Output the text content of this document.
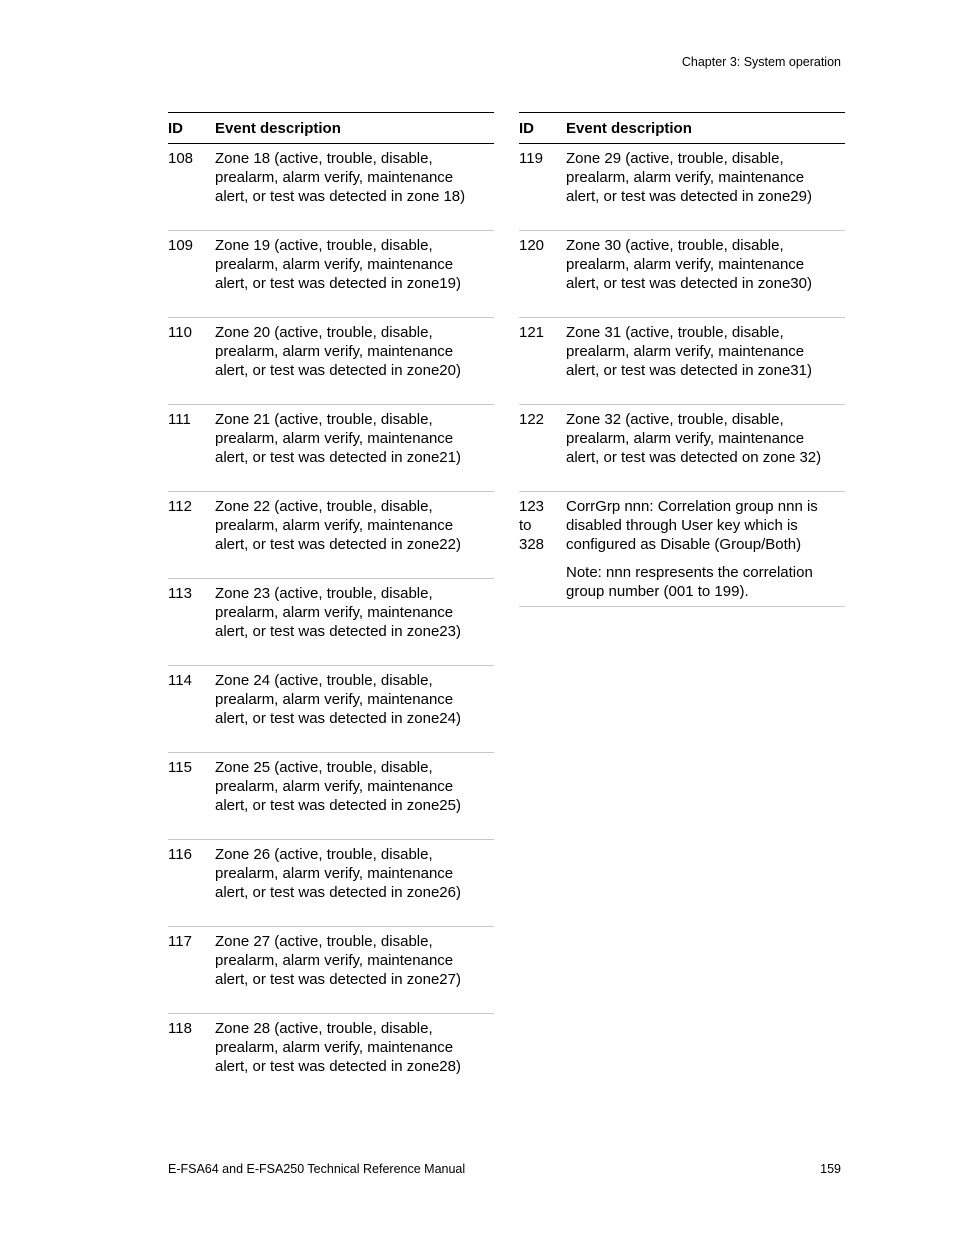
Chapter 3: System operation
ID	Event description
108	Zone 18 (active, trouble, disable,
prealarm, alarm verify, maintenance
alert, or test was detected in zone 18)

109	Zone 19 (active, trouble, disable,
prealarm, alarm verify, maintenance
alert, or test was detected in zone19)

110	Zone 20 (active, trouble, disable,
prealarm, alarm verify, maintenance
alert, or test was detected in zone20)

111	Zone 21 (active, trouble, disable,
prealarm, alarm verify, maintenance
alert, or test was detected in zone21)

112	Zone 22 (active, trouble, disable,
prealarm, alarm verify, maintenance
alert, or test was detected in zone22)

113	Zone 23 (active, trouble, disable,
prealarm, alarm verify, maintenance
alert, or test was detected in zone23)

114	Zone 24 (active, trouble, disable,
prealarm, alarm verify, maintenance
alert, or test was detected in zone24)

115	Zone 25 (active, trouble, disable,
prealarm, alarm verify, maintenance
alert, or test was detected in zone25)

116	Zone 26 (active, trouble, disable,
prealarm, alarm verify, maintenance
alert, or test was detected in zone26)

117	Zone 27 (active, trouble, disable,
prealarm, alarm verify, maintenance
alert, or test was detected in zone27)

118	Zone 28 (active, trouble, disable,
prealarm, alarm verify, maintenance
alert, or test was detected in zone28)
ID	Event description
119	Zone 29 (active, trouble, disable,
prealarm, alarm verify, maintenance
alert, or test was detected in zone29)

120	Zone 30 (active, trouble, disable,
prealarm, alarm verify, maintenance
alert, or test was detected in zone30)

121	Zone 31 (active, trouble, disable,
prealarm, alarm verify, maintenance
alert, or test was detected in zone31)

122	Zone 32 (active, trouble, disable,
prealarm, alarm verify, maintenance
alert, or test was detected on zone 32)

123
to
328	CorrGrp nnn: Correlation group nnn is
disabled through User key which is
configured as Disable (Group/Both)
Note: nnn respresents the correlation
group number (001 to 199).
E-FSA64 and E-FSA250 Technical Reference Manual	159
